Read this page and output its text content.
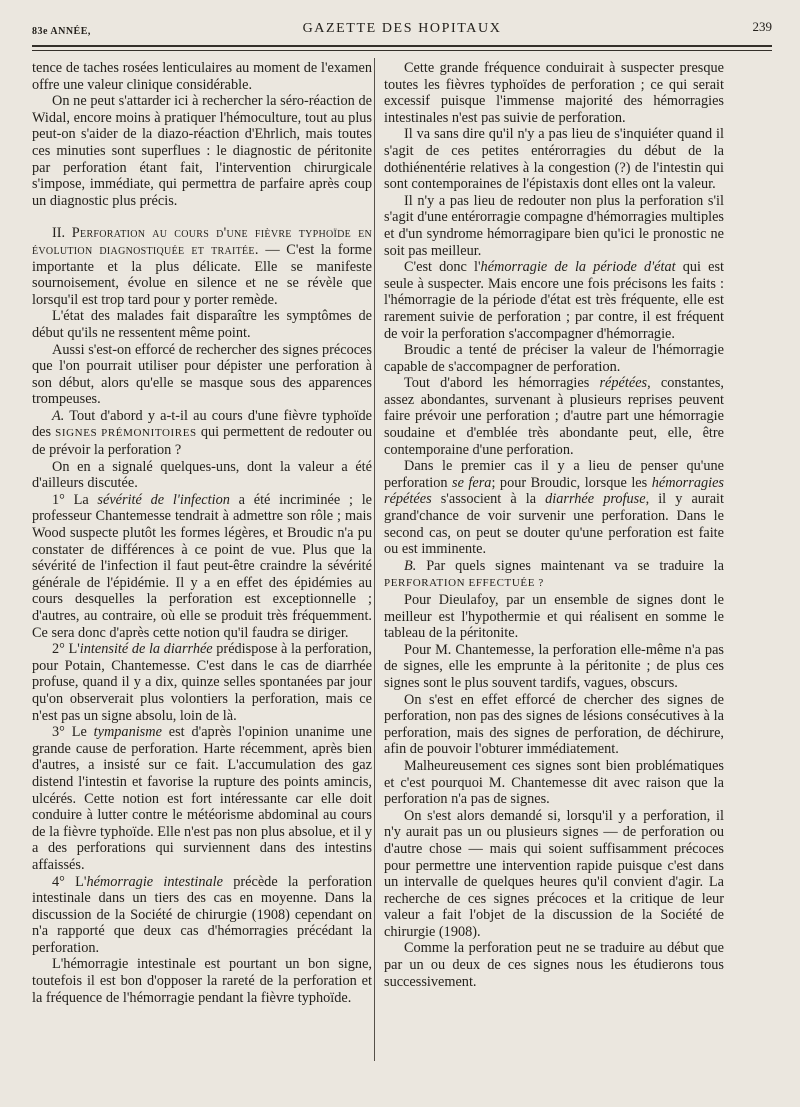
83e ANNÉE,	GAZETTE DES HOPITAUX	239

tence de taches rosées lenticulaires au moment de l'examen offre une valeur clinique considérable.

On ne peut s'attarder ici à rechercher la séro-réaction de Widal, encore moins à pratiquer l'hémoculture, tout au plus peut-on s'aider de la diazo-réaction d'Ehrlich, mais toutes ces minuties sont superflues : le diagnostic de péritonite par perforation étant fait, l'intervention chirurgicale s'impose, immédiate, qui permettra de parfaire après coup un diagnostic plus précis.

II. Perforation au cours d'une fièvre typhoïde en évolution diagnostiquée et traitée. — C'est la forme importante et la plus délicate. Elle se manifeste sournoisement, évolue en silence et ne se révèle que lorsqu'il est trop tard pour y porter remède.

L'état des malades fait disparaître les symptômes de début qu'ils ne ressentent même point.

Aussi s'est-on efforcé de rechercher des signes précoces que l'on pourrait utiliser pour dépister une perforation à son début, alors qu'elle se masque sous des apparences trompeuses.

A. Tout d'abord y a-t-il au cours d'une fièvre typhoïde des SIGNES PRÉMONITOIRES qui permettent de redouter ou de prévoir la perforation ?

On en a signalé quelques-uns, dont la valeur a été d'ailleurs discutée.

1° La sévérité de l'infection a été incriminée ; le professeur Chantemesse tendrait à admettre son rôle ; mais Wood suspecte plutôt les formes légères, et Broudic n'a pu constater de différences à ce point de vue. Plus que la sévérité de l'infection il faut peut-être craindre la sévérité générale de l'épidémie. Il y a en effet des épidémies au cours desquelles la perforation est exceptionnelle ; d'autres, au contraire, où elle se produit très fréquemment. Ce sera donc d'après cette notion qu'il faudra se diriger.

2° L'intensité de la diarrhée prédispose à la perforation, pour Potain, Chantemesse. C'est dans le cas de diarrhée profuse, quand il y a dix, quinze selles spontanées par jour qu'on observerait plus volontiers la perforation, mais ce n'est pas un signe absolu, loin de là.

3° Le tympanisme est d'après l'opinion unanime une grande cause de perforation. Harte récemment, après bien d'autres, a insisté sur ce fait. L'accumulation des gaz distend l'intestin et favorise la rupture des points amincis, ulcérés. Cette notion est fort intéressante car elle doit conduire à lutter contre le météorisme abdominal au cours de la fièvre typhoïde. Elle n'est pas non plus absolue, et il y a des perforations qui surviennent dans des intestins affaissés.

4° L'hémorragie intestinale précède la perforation intestinale dans un tiers des cas en moyenne. Dans la discussion de la Société de chirurgie (1908) cependant on n'a rapporté que deux cas d'hémorragies précédant la perforation.

L'hémorragie intestinale est pourtant un bon signe, toutefois il est bon d'opposer la rareté de la perforation et la fréquence de l'hémorragie pendant la fièvre typhoïde.

Cette grande fréquence conduirait à suspecter presque toutes les fièvres typhoïdes de perforation ; ce qui serait excessif puisque l'immense majorité des hémorragies intestinales n'est pas suivie de perforation.

Il va sans dire qu'il n'y a pas lieu de s'inquiéter quand il s'agit de ces petites entérorragies du début de la dothiénentérie relatives à la congestion (?) de l'intestin qui sont contemporaines de l'épistaxis dont elles ont la valeur.

Il n'y a pas lieu de redouter non plus la perforation s'il s'agit d'une entérorragie compagne d'hémorragies multiples et d'un syndrome hémorragipare bien qu'ici le pronostic ne soit pas meilleur.

C'est donc l'hémorragie de la période d'état qui est seule à suspecter. Mais encore une fois précisons les faits : l'hémorragie de la période d'état est très fréquente, elle est rarement suivie de perforation ; par contre, il est fréquent de voir la perforation s'accompagner d'hémorragie.

Broudic a tenté de préciser la valeur de l'hémorragie capable de s'accompagner de perforation.

Tout d'abord les hémorragies répétées, constantes, assez abondantes, survenant à plusieurs reprises peuvent faire prévoir une perforation ; d'autre part une hémorragie soudaine et d'emblée très abondante peut, elle, être contemporaine d'une perforation.

Dans le premier cas il y a lieu de penser qu'une perforation se fera; pour Broudic, lorsque les hémorragies répétées s'associent à la diarrhée profuse, il y aurait grand'chance de voir survenir une perforation. Dans le second cas, on peut se douter qu'une perforation est faite ou est imminente.

B. Par quels signes maintenant va se traduire la PERFORATION EFFECTUÉE ?

Pour Dieulafoy, par un ensemble de signes dont le meilleur est l'hypothermie et qui réalisent en somme le tableau de la péritonite.

Pour M. Chantemesse, la perforation elle-même n'a pas de signes, elle les emprunte à la péritonite ; de plus ces signes sont le plus souvent tardifs, vagues, obscurs.

On s'est en effet efforcé de chercher des signes de perforation, non pas des signes de lésions consécutives à la perforation, mais des signes de perforation, de déchirure, afin de pouvoir l'obturer immédiatement.

Malheureusement ces signes sont bien problématiques et c'est pourquoi M. Chantemesse dit avec raison que la perforation n'a pas de signes.

On s'est alors demandé si, lorsqu'il y a perforation, il n'y aurait pas un ou plusieurs signes — de perforation ou d'autre chose — mais qui soient suffisamment précoces pour permettre une intervention rapide puisque c'est dans un intervalle de quelques heures qu'il convient d'agir. La recherche de ces signes précoces et la critique de leur valeur a fait l'objet de la discussion de la Société de chirurgie (1908).

Comme la perforation peut ne se traduire au début que par un ou deux de ces signes nous les étudierons tous successivement.
